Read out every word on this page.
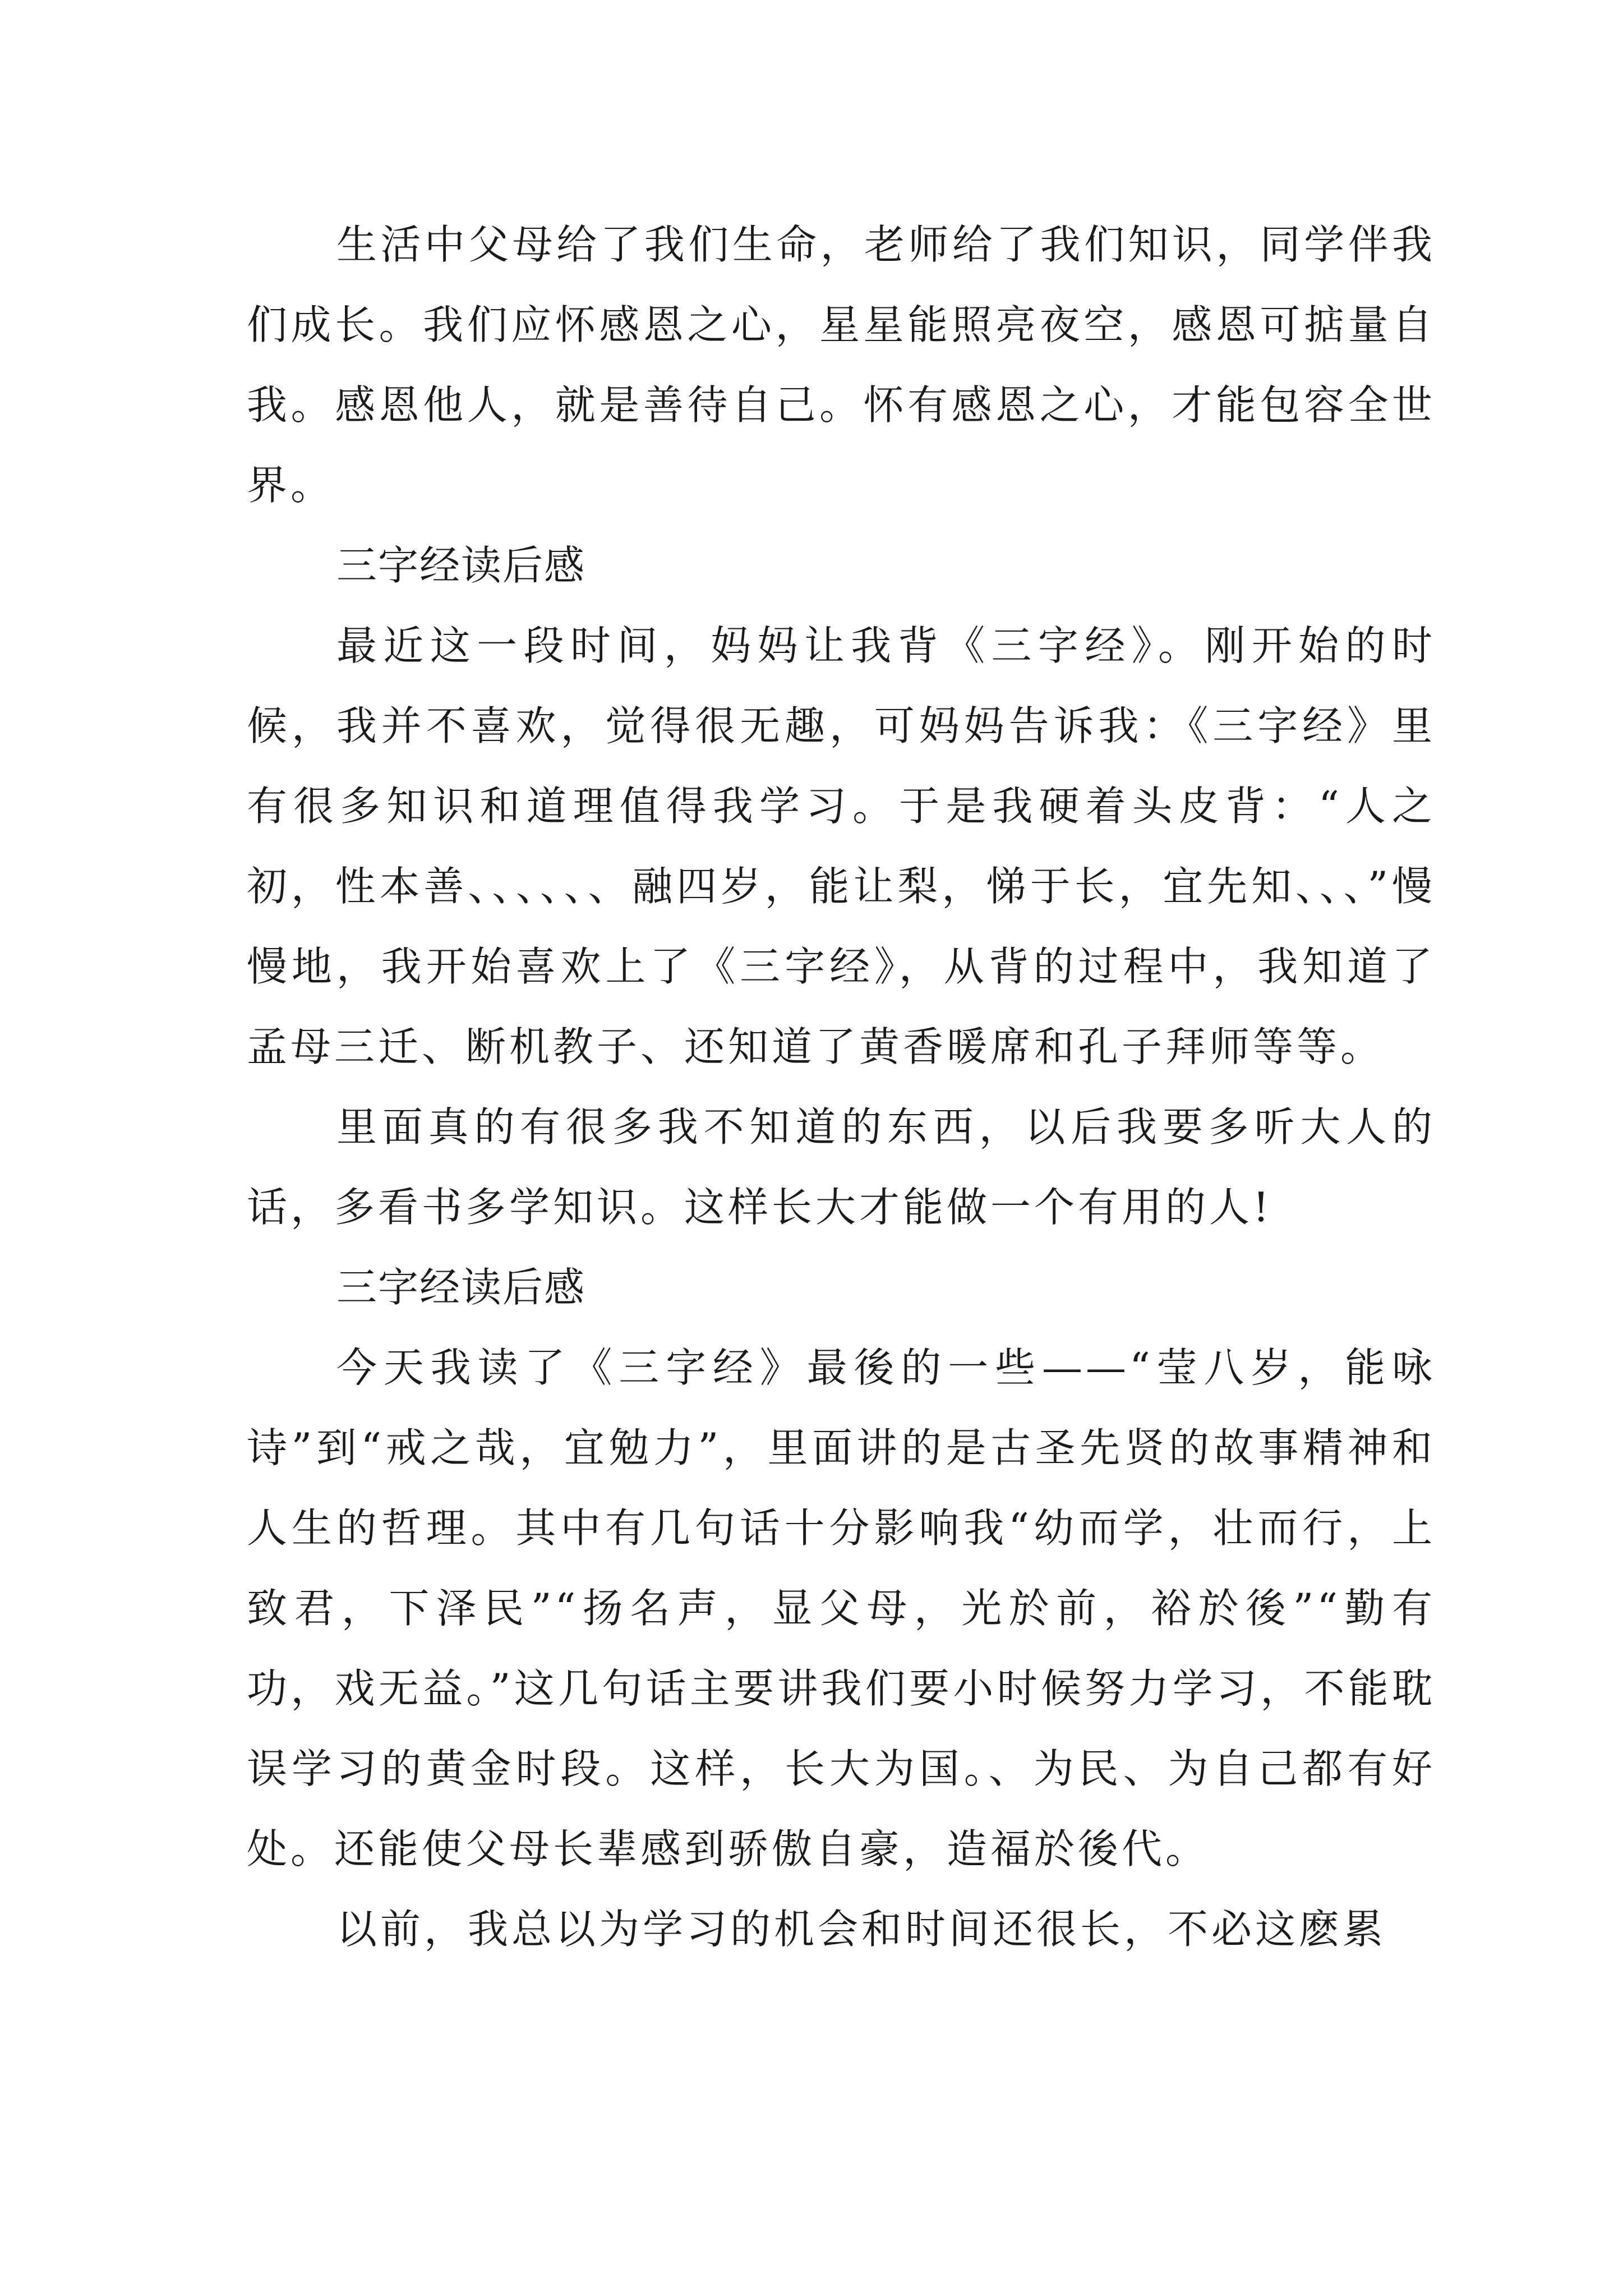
生活中父母给了我们生命，老师给了我们知识，同学伴我们成长。我们应怀感恩之心，星星能照亮夜空，感恩可掂量自我。感恩他人，就是善待自己。怀有感恩之心，才能包容全世界。

三字经读后感

最近这一段时间，妈妈让我背《三字经》。刚开始的时候，我并不喜欢，觉得很无趣，可妈妈告诉我：《三字经》里有很多知识和道理值得我学习。于是我硬着头皮背：“人之初，性本善、、、、、、融四岁，能让梨，悌于长，宜先知、、、”慢慢地，我开始喜欢上了《三字经》，从背的过程中，我知道了孟母三迁、断机教子、还知道了黄香暖席和孔子拜师等等。

里面真的有很多我不知道的东西，以后我要多听大人的话，多看书多学知识。这样长大才能做一个有用的人!

三字经读后感

今天我读了《三字经》最後的一些——“莹八岁，能咏诗”到“戒之哉，宜勉力”，里面讲的是古圣先贤的故事精神和人生的哲理。其中有几句话十分影响我“幼而学，壮而行，上致君，下泽民”“扬名声，显父母，光於前，裕於後”“勤有功，戏无益。”这几句话主要讲我们要小时候努力学习，不能耽误学习的黄金时段。这样，长大为国。、为民、为自己都有好处。还能使父母长辈感到骄傲自豪，造福於後代。

以前，我总以为学习的机会和时间还很长，不必这麽累
